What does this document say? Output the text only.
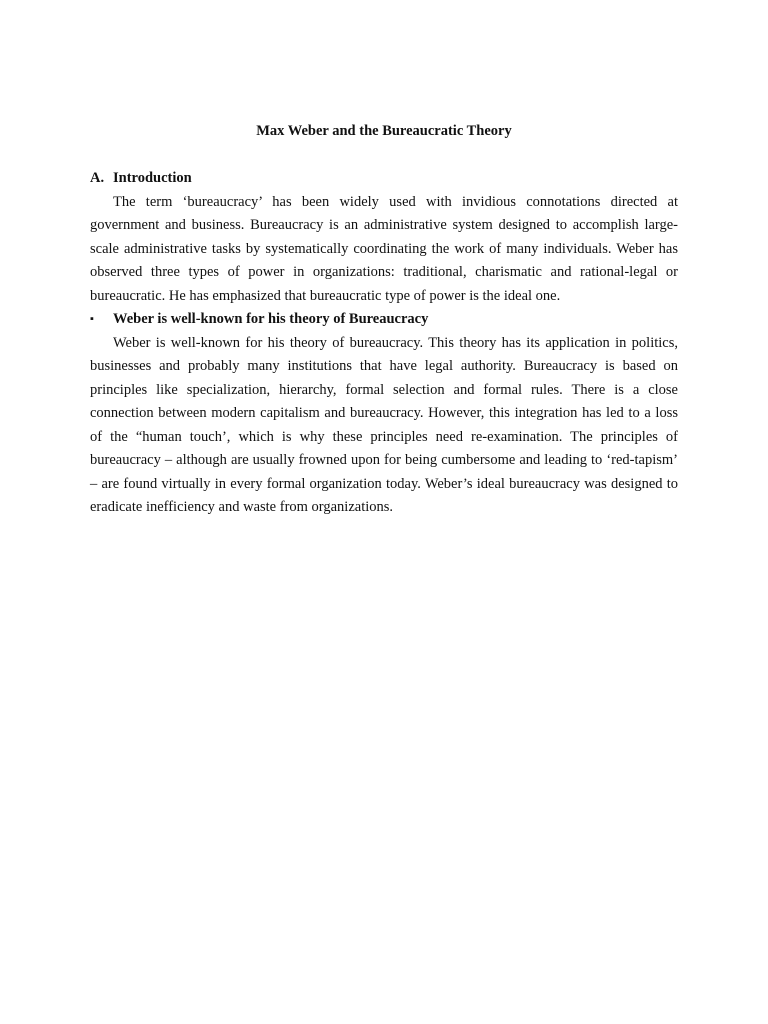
Max Weber and the Bureaucratic Theory
A. Introduction

The term ‘bureaucracy’ has been widely used with invidious connotations directed at government and business. Bureaucracy is an administrative system designed to accomplish large-scale administrative tasks by systematically coordinating the work of many individuals. Weber has observed three types of power in organizations: traditional, charismatic and rational-legal or bureaucratic. He has emphasized that bureaucratic type of power is the ideal one.

▪ Weber is well-known for his theory of Bureaucracy

Weber is well-known for his theory of bureaucracy. This theory has its application in politics, businesses and probably many institutions that have legal authority. Bureaucracy is based on principles like specialization, hierarchy, formal selection and formal rules. There is a close connection between modern capitalism and bureaucracy. However, this integration has led to a loss of the “human touch’, which is why these principles need re-examination. The principles of bureaucracy – although are usually frowned upon for being cumbersome and leading to ‘red-tapism’ – are found virtually in every formal organization today. Weber’s ideal bureaucracy was designed to eradicate inefficiency and waste from organizations.
